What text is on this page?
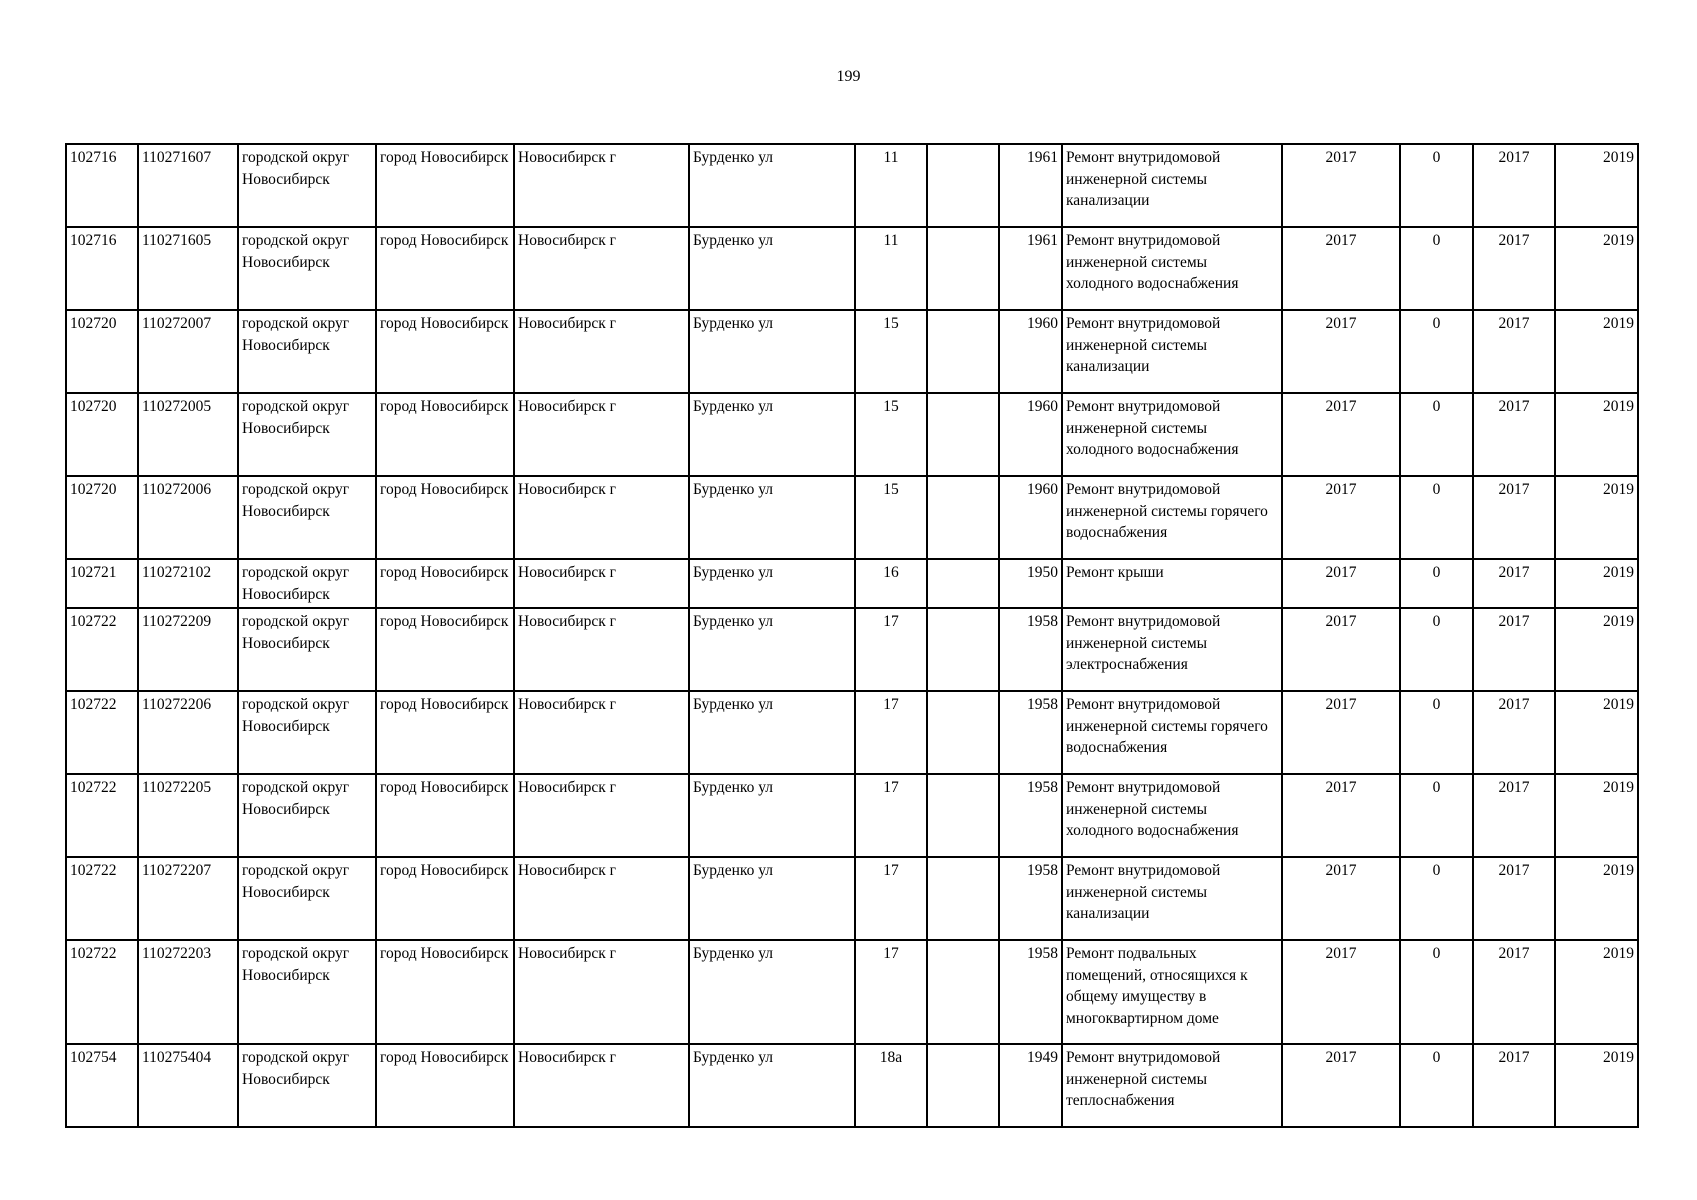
199
102716	110271607	городской округ Новосибирск	город Новосибирск	Новосибирск г	Бурденко ул	11		1961	Ремонт внутридомовой инженерной системы канализации	2017	0	2017	2019
102716	110271605	городской округ Новосибирск	город Новосибирск	Новосибирск г	Бурденко ул	11		1961	Ремонт внутридомовой инженерной системы холодного водоснабжения	2017	0	2017	2019
102720	110272007	городской округ Новосибирск	город Новосибирск	Новосибирск г	Бурденко ул	15		1960	Ремонт внутридомовой инженерной системы канализации	2017	0	2017	2019
102720	110272005	городской округ Новосибирск	город Новосибирск	Новосибирск г	Бурденко ул	15		1960	Ремонт внутридомовой инженерной системы холодного водоснабжения	2017	0	2017	2019
102720	110272006	городской округ Новосибирск	город Новосибирск	Новосибирск г	Бурденко ул	15		1960	Ремонт внутридомовой инженерной системы горячего водоснабжения	2017	0	2017	2019
102721	110272102	городской округ Новосибирск	город Новосибирск	Новосибирск г	Бурденко ул	16		1950	Ремонт крыши	2017	0	2017	2019
102722	110272209	городской округ Новосибирск	город Новосибирск	Новосибирск г	Бурденко ул	17		1958	Ремонт внутридомовой инженерной системы электроснабжения	2017	0	2017	2019
102722	110272206	городской округ Новосибирск	город Новосибирск	Новосибирск г	Бурденко ул	17		1958	Ремонт внутридомовой инженерной системы горячего водоснабжения	2017	0	2017	2019
102722	110272205	городской округ Новосибирск	город Новосибирск	Новосибирск г	Бурденко ул	17		1958	Ремонт внутридомовой инженерной системы холодного водоснабжения	2017	0	2017	2019
102722	110272207	городской округ Новосибирск	город Новосибирск	Новосибирск г	Бурденко ул	17		1958	Ремонт внутридомовой инженерной системы канализации	2017	0	2017	2019
102722	110272203	городской округ Новосибирск	город Новосибирск	Новосибирск г	Бурденко ул	17		1958	Ремонт подвальных помещений, относящихся к общему имуществу в многоквартирном доме	2017	0	2017	2019
102754	110275404	городской округ Новосибирск	город Новосибирск	Новосибирск г	Бурденко ул	18а		1949	Ремонт внутридомовой инженерной системы теплоснабжения	2017	0	2017	2019
